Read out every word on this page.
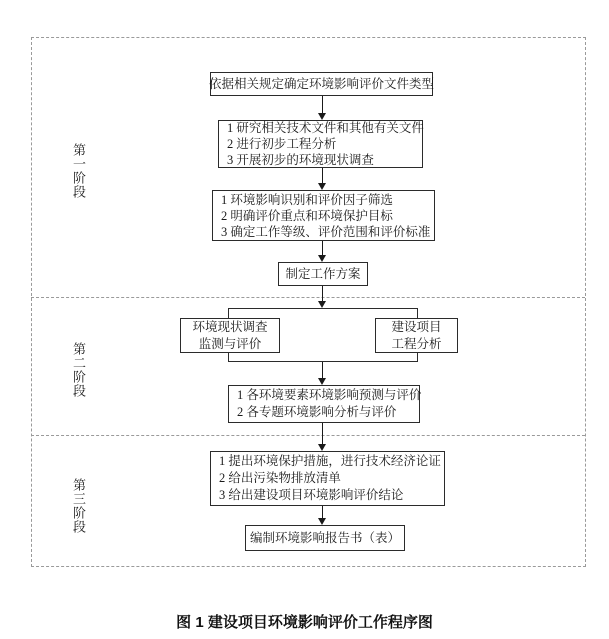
第一阶段
第二阶段
第三阶段
依据相关规定确定环境影响评价文件类型
1 研究相关技术文件和其他有关文件
2 进行初步工程分析
3 开展初步的环境现状调查
1 环境影响识别和评价因子筛选
2 明确评价重点和环境保护目标
3 确定工作等级、评价范围和评价标准
制定工作方案
环境现状调查
监测与评价
建设项目
工程分析
1 各环境要素环境影响预测与评价
2 各专题环境影响分析与评价
1 提出环境保护措施，进行技术经济论证
2 给出污染物排放清单
3 给出建设项目环境影响评价结论
编制环境影响报告书（表）
图 1 建设项目环境影响评价工作程序图
